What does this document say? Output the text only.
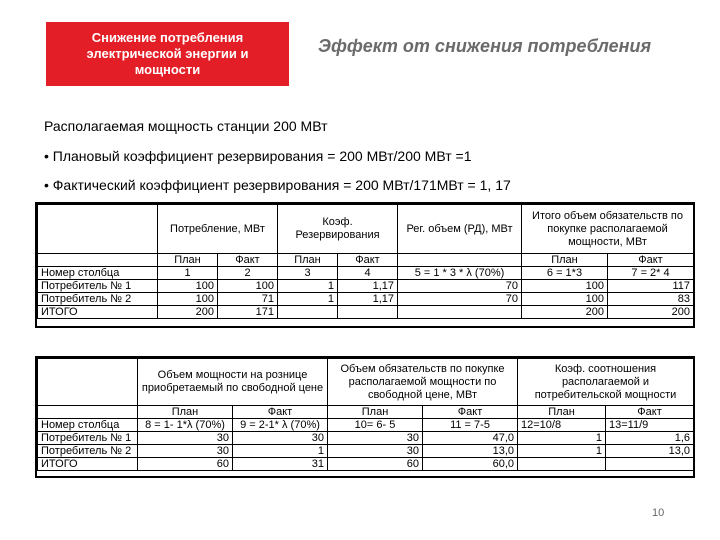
Снижение потребления
электрической энергии и
мощности
Эффект от снижения потребления
Располагаемая мощность станции 200 МВт
• Плановый коэффициент резервирования = 200 МВт/200 МВт =1
• Фактический коэффициент резервирования = 200 МВт/171МВт = 1, 17
	Потребление, МВт		Коэф. Резервирования		Рег. объем (РД), МВт	Итого объем обязательств по покупке располагаемой мощности, МВт	
	План	Факт	План	Факт		План	Факт
Номер столбца	1	2	3	4	5 = 1 * 3 * λ (70%)	6 = 1*3	7 = 2* 4
Потребитель № 1	100	100	1	1,17	70	100	117
Потребитель № 2	100	71	1	1,17	70	100	83
ИТОГО	200	171				200	200
	Объем мощности на рознице приобретаемый по свободной цене		Объем обязательств по покупке располагаемой мощности по свободной цене, МВт		Коэф. соотношения располагаемой и потребительской мощности	
	План	Факт	План	Факт	План	Факт
Номер столбца	8 = 1- 1*λ (70%)	9 = 2-1* λ (70%)	10= 6- 5	11 = 7-5	12=10/8	13=11/9
Потребитель № 1	30	30	30	47,0	1	1,6
Потребитель № 2	30	1	30	13,0	1	13,0
ИТОГО	60	31	60	60,0		
10
